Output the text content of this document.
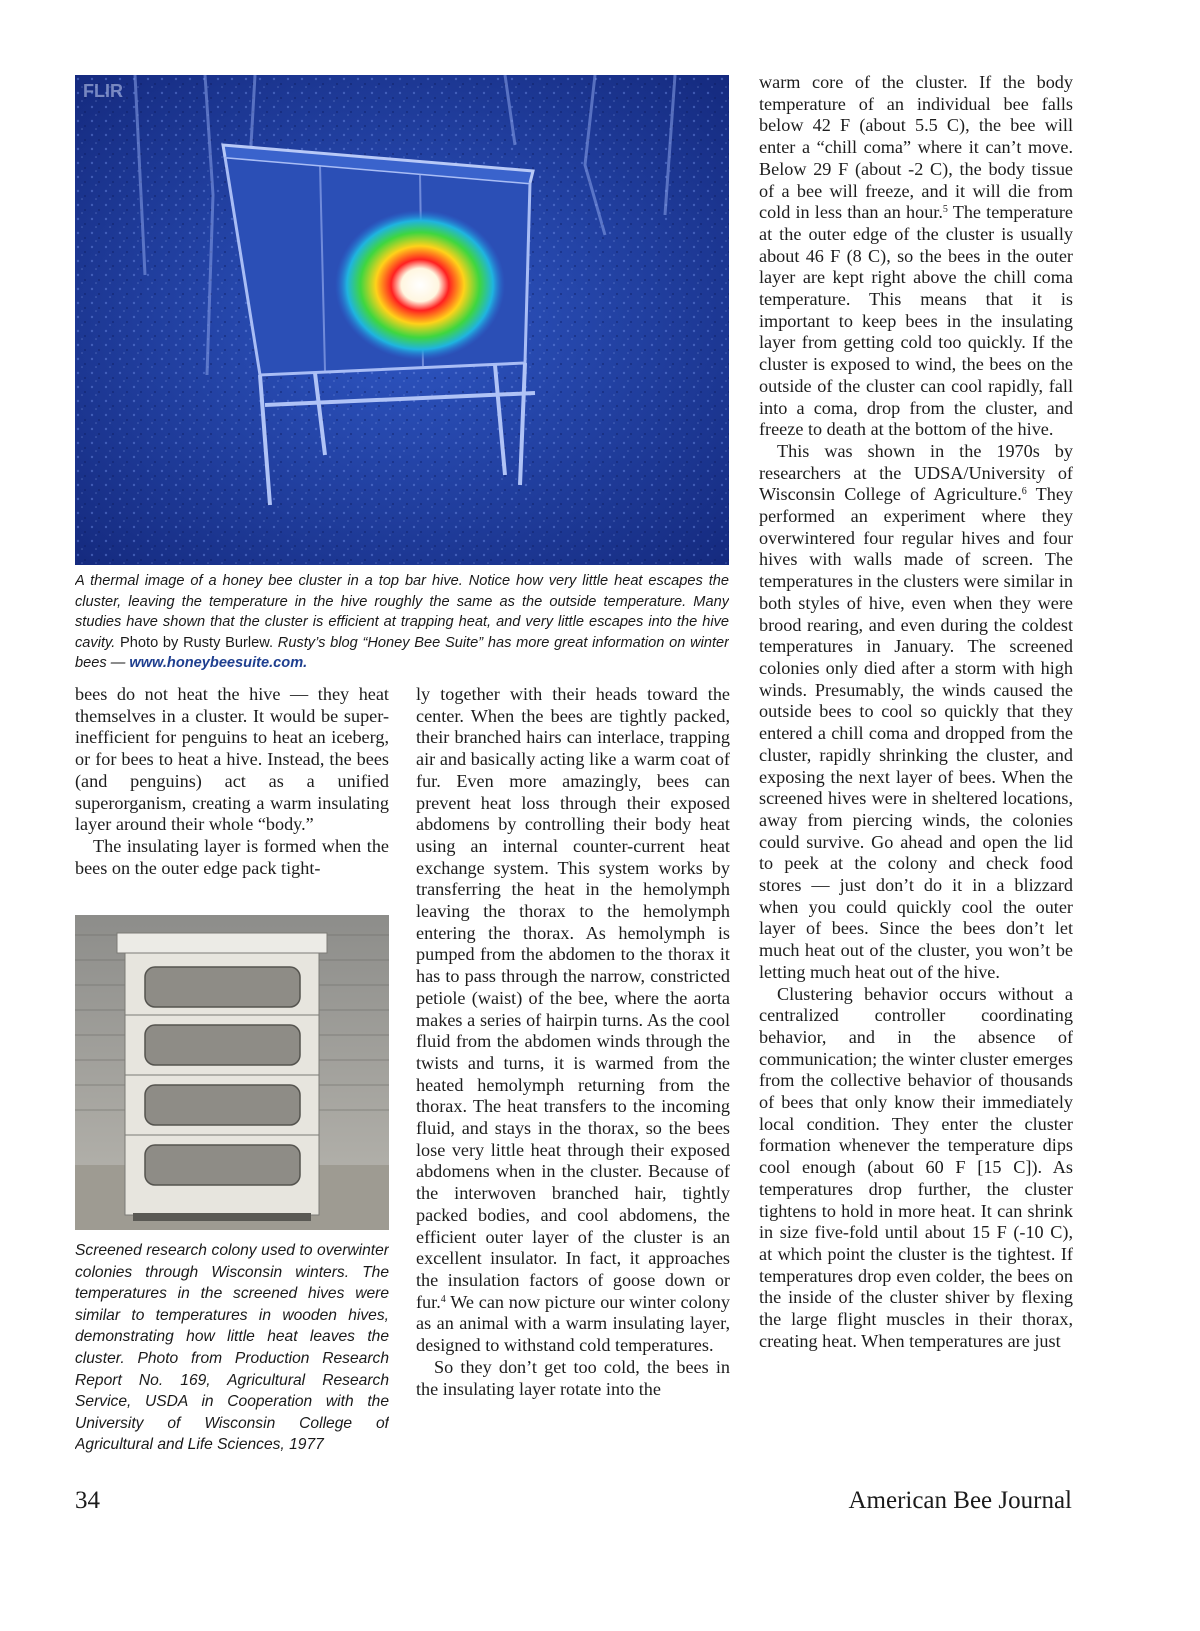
FLIR
A thermal image of a honey bee cluster in a top bar hive. Notice how very little heat escapes the cluster, leaving the temperature in the hive roughly the same as the outside temperature. Many studies have shown that the cluster is efficient at trapping heat, and very little escapes into the hive cavity. Photo by Rusty Burlew. Rusty’s blog “Honey Bee Suite” has more great information on winter bees — www.honeybeesuite.com.

bees do not heat the hive — they heat themselves in a cluster. It would be super-inefficient for penguins to heat an iceberg, or for bees to heat a hive. Instead, the bees (and penguins) act as a unified superorganism, creating a warm insulating layer around their whole “body.”

The insulating layer is formed when the bees on the outer edge pack tight-

Screened research colony used to overwinter colonies through Wisconsin winters. The temperatures in the screened hives were similar to temperatures in wooden hives, demonstrating how little heat leaves the cluster. Photo from Production Research Report No. 169, Agricultural Research Service, USDA in Cooperation with the University of Wisconsin College of Agricultural and Life Sciences, 1977

ly together with their heads toward the center. When the bees are tightly packed, their branched hairs can interlace, trapping air and basically acting like a warm coat of fur. Even more amazingly, bees can prevent heat loss through their exposed abdomens by controlling their body heat using an internal counter-current heat exchange system. This system works by transferring the heat in the hemolymph leaving the thorax to the hemolymph entering the thorax. As hemolymph is pumped from the abdomen to the thorax it has to pass through the narrow, constricted petiole (waist) of the bee, where the aorta makes a series of hairpin turns. As the cool fluid from the abdomen winds through the twists and turns, it is warmed from the heated hemolymph returning from the thorax. The heat transfers to the incoming fluid, and stays in the thorax, so the bees lose very little heat through their exposed abdomens when in the cluster. Because of the interwoven branched hair, tightly packed bodies, and cool abdomens, the efficient outer layer of the cluster is an excellent insulator. In fact, it approaches the insulation factors of goose down or fur.$^4$ We can now picture our winter colony as an animal with a warm insulating layer, designed to withstand cold temperatures.

So they don’t get too cold, the bees in the insulating layer rotate into the

warm core of the cluster. If the body temperature of an individual bee falls below 42 F (about 5.5 C), the bee will enter a “chill coma” where it can’t move. Below 29 F (about -2 C), the body tissue of a bee will freeze, and it will die from cold in less than an hour.$^5$ The temperature at the outer edge of the cluster is usually about 46 F (8 C), so the bees in the outer layer are kept right above the chill coma temperature. This means that it is important to keep bees in the insulating layer from getting cold too quickly. If the cluster is exposed to wind, the bees on the outside of the cluster can cool rapidly, fall into a coma, drop from the cluster, and freeze to death at the bottom of the hive.

This was shown in the 1970s by researchers at the UDSA/University of Wisconsin College of Agriculture.$^6$ They performed an experiment where they overwintered four regular hives and four hives with walls made of screen. The temperatures in the clusters were similar in both styles of hive, even when they were brood rearing, and even during the coldest temperatures in January. The screened colonies only died after a storm with high winds. Presumably, the winds caused the outside bees to cool so quickly that they entered a chill coma and dropped from the cluster, rapidly shrinking the cluster, and exposing the next layer of bees. When the screened hives were in sheltered locations, away from piercing winds, the colonies could survive. Go ahead and open the lid to peek at the colony and check food stores — just don’t do it in a blizzard when you could quickly cool the outer layer of bees. Since the bees don’t let much heat out of the cluster, you won’t be letting much heat out of the hive.

Clustering behavior occurs without a centralized controller coordinating behavior, and in the absence of communication; the winter cluster emerges from the collective behavior of thousands of bees that only know their immediately local condition. They enter the cluster formation whenever the temperature dips cool enough (about 60 F [15 C]). As temperatures drop further, the cluster tightens to hold in more heat. It can shrink in size five-fold until about 15 F (-10 C), at which point the cluster is the tightest. If temperatures drop even colder, the bees on the inside of the cluster shiver by flexing the large flight muscles in their thorax, creating heat. When temperatures are just

34	American Bee Journal
